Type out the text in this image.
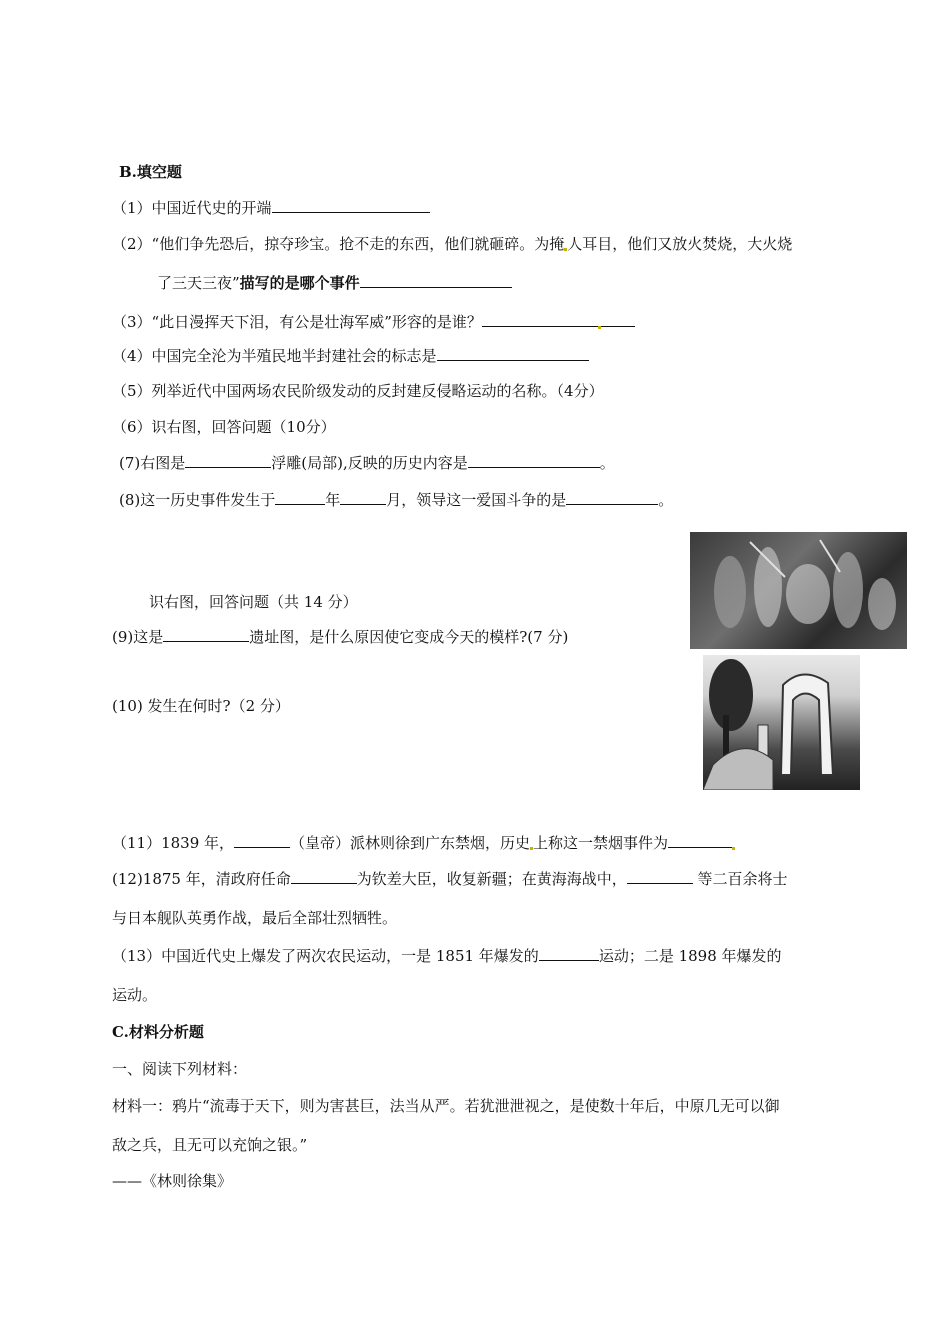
B.填空题
（1）中国近代史的开端
（2）“他们争先恐后，掠夺珍宝。抢不走的东西，他们就砸碎。为掩 人耳目，他们又放火焚烧，大火烧
了三天三夜”描写的是哪个事件
（3）“此日漫挥天下泪，有公是壮海军威”形容的是谁？
（4）中国完全沦为半殖民地半封建社会的标志是
（5）列举近代中国两场农民阶级发动的反封建反侵略运动的名称。（4分）
（6）识右图，回答问题（10分）
(7)右图是	浮雕(局部),反映的历史内容是	。
(8)这一历史事件发生于	年	月，领导这一爱国斗争的是	。
识右图，回答问题（共 14 分）
(9)这是	遗址图，是什么原因使它变成今天的模样?(7 分)
(10) 发生在何时?（2 分）
（11）1839 年，	（皇帝）派林则徐到广东禁烟，历史 上称这一禁烟事件为
(12)1875 年，清政府任命	为钦差大臣，收复新疆；在黄海海战中，	等二百余将士
与日本舰队英勇作战，最后全部壮烈牺牲。
（13）中国近代史上爆发了两次农民运动，一是 1851 年爆发的	运动；二是 1898 年爆发的
运动。
C.材料分析题
一、阅读下列材料：
材料一：鸦片“流毒于天下，则为害甚巨，法当从严。若犹泄泄视之，是使数十年后，中原几无可以御
敌之兵，且无可以充饷之银。”
——《林则徐集》
